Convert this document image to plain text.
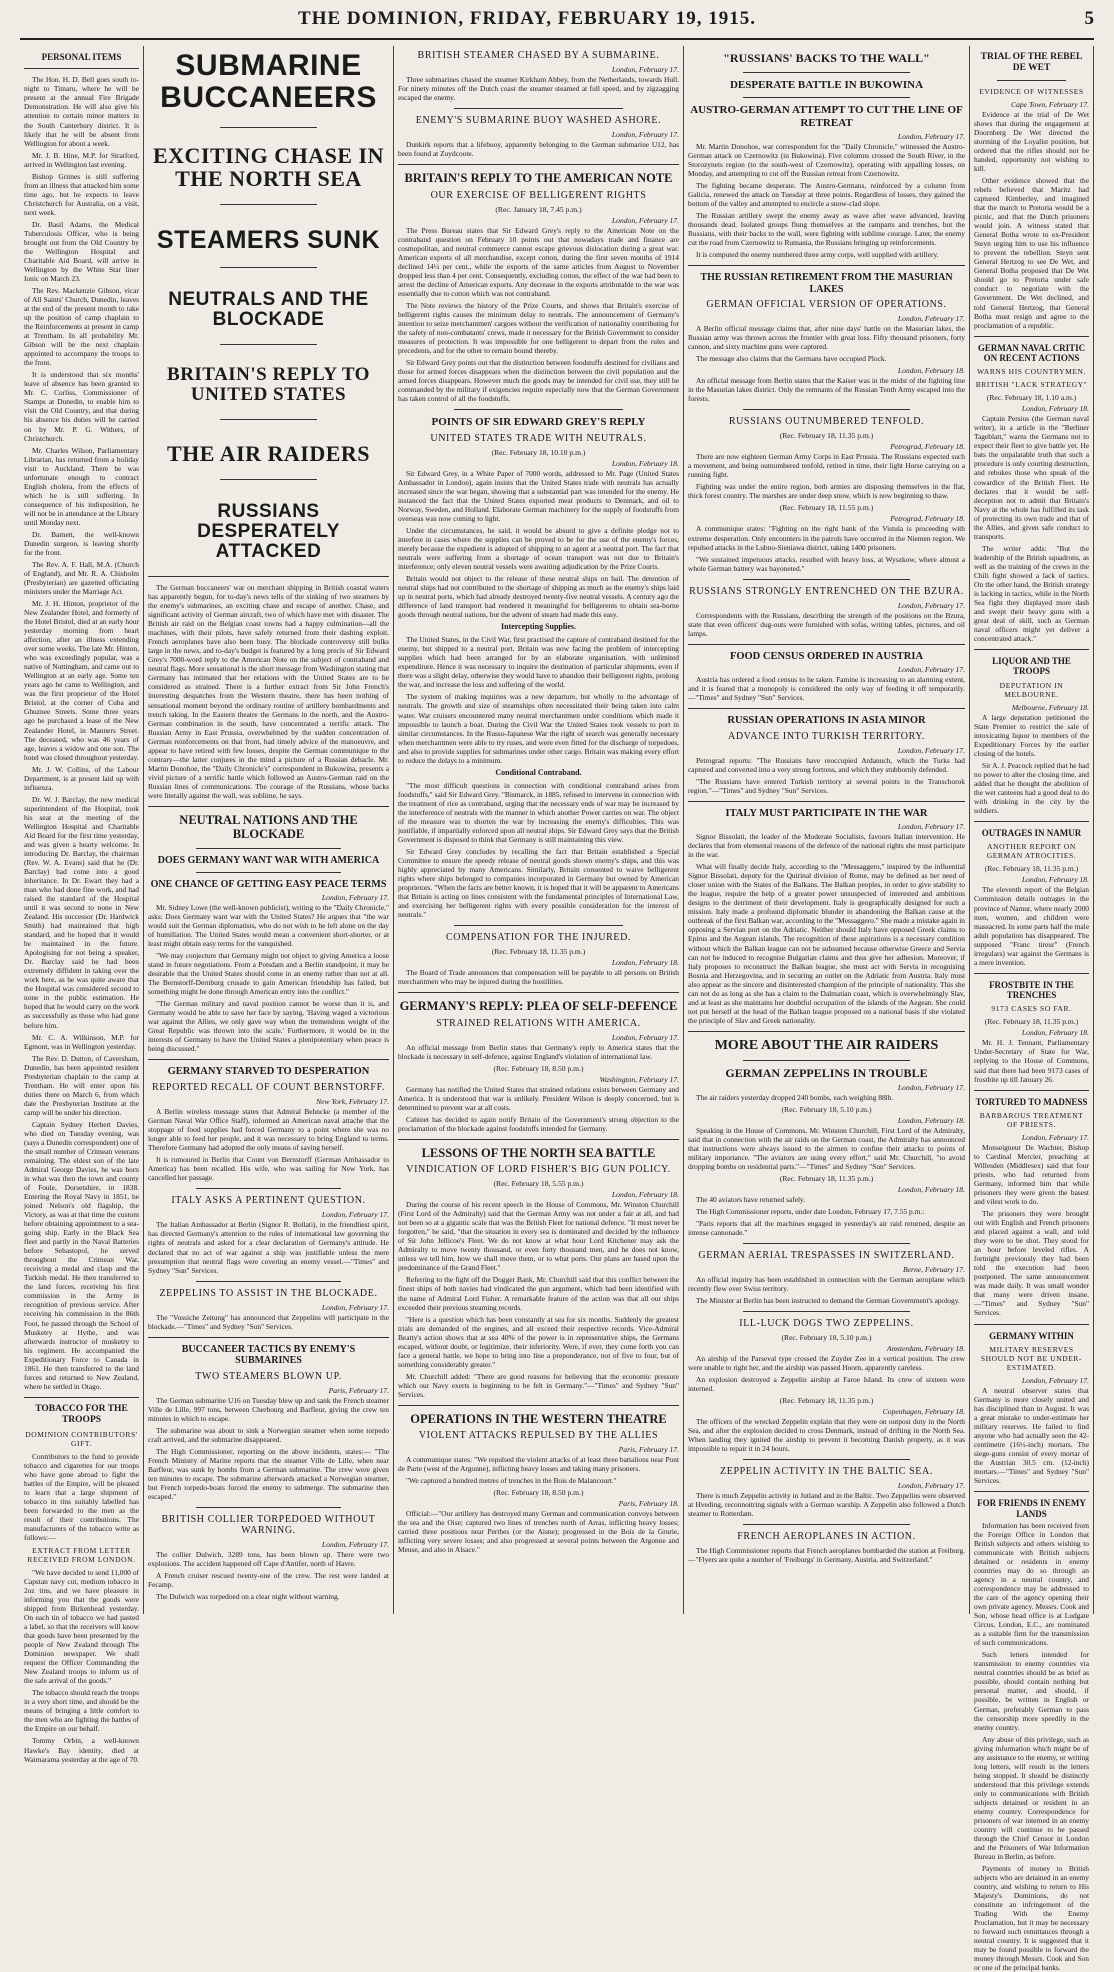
THE DOMINION, FRIDAY, FEBRUARY 19, 1915.	5
PERSONAL ITEMS

The Hon. H. D. Bell goes south to-night to Timaru, where he will be present at the annual Fire Brigade Demonstration. He will also give his attention to certain minor matters in the South Canterbury district. It is likely that he will be absent from Wellington for about a week.

Mr. J. B. Hine, M.P. for Stratford, arrived in Wellington last evening.

Bishop Grimes is still suffering from an illness that attacked him some time ago, but he expects to leave Christchurch for Australia, on a visit, next week.

Dr. Basil Adams, the Medical Tuberculosis Officer, who is being brought out from the Old Country by the Wellington Hospital and Charitable Aid Board, will arrive in Wellington by the White Star liner Ionic on March 23.

The Rev. Mackenzie Gibson, vicar of All Saints' Church, Dunedin, leaves at the end of the present month to take up the position of camp chaplain to the Reinforcements at present in camp at Trentham. In all probability Mr. Gibson will be the next chaplain appointed to accompany the troops to the front.

It is understood that six months' leave of absence has been granted to Mr. C. Corliss, Commissioner of Stamps at Dunedin, to enable him to visit the Old Country, and that during his absence his duties will be carried on by Mr. P. G. Withers, of Christchurch.

Mr. Charles Wilson, Parliamentary Librarian, has returned from a holiday visit to Auckland. There he was unfortunate enough to contract English cholera, from the effects of which he is still suffering. In consequence of his indisposition, he will not be in attendance at the Library until Monday next.

Dr. Barnett, the well-known Dunedin surgeon, is leaving shortly for the front.

The Rev. A. F. Hall, M.A. (Church of England), and Mr. R. A. Chisholm (Presbyterian) are gazetted officiating ministers under the Marriage Act.

Mr. J. H. Hinton, proprietor of the New Zealander Hotel, and formerly of the Hotel Bristol, died at an early hour yesterday morning from heart affection, after an illness extending over some weeks. The late Mr. Hinton, who was exceedingly popular, was a native of Nottingham, and came out to Wellington at an early age. Some ten years ago he came to Wellington, and was the first proprietor of the Hotel Bristol, at the corner of Cuba and Ghuznee Streets. Some three years ago he purchased a lease of the New Zealander Hotel, in Manners Street. The deceased, who was 46 years of age, leaves a widow and one son. The hotel was closed throughout yesterday.

Mr. J. W. Collins, of the Labour Department, is at present laid up with influenza.

Dr. W. J. Barclay, the new medical superintendent of the Hospital, took his seat at the meeting of the Wellington Hospital and Charitable Aid Board for the first time yesterday, and was given a hearty welcome. In introducing Dr. Barclay, the chairman (Rev. W. A. Evans) said that he (Dr. Barclay) had come into a good inheritance. In Dr. Ewart they had a man who had done fine work, and had raised the standard of the Hospital until it was second to none in New Zealand. His successor (Dr. Hardwick Smith) had maintained that high standard, and he hoped that it would be maintained in the future. Apologising for not being a speaker, Dr. Barclay said he had been extremely diffident in taking over the work here, as he was quite aware that the Hospital was considered second to none in the public estimation. He hoped that he would carry on the work as successfully as those who had gone before him.

Mr. C. A. Wilkinson, M.P. for Egmont, was in Wellington yesterday.

The Rev. D. Dutton, of Caversham, Dunedin, has been appointed resident Presbyterian chaplain to the camp at Trentham. He will enter upon his duties there on March 6, from which date the Presbyterian Institute at the camp will be under his direction.

Captain Sydney Herbert Davies, who died on Tuesday evening, was (says a Dunedin correspondent) one of the small number of Crimean veterans remaining. The eldest son of the late Admiral George Davies, he was born in what was then the town and county of Foule, Dorsetshire, in 1838. Entering the Royal Navy in 1851, he joined Nelson's old flagship, the Victory, as was at that time the custom before obtaining appointment to a sea-going ship. Early in the Black Sea fleet and partly in the Naval Batteries before Sebastopol, he served throughout the Crimean War, receiving a medal and clasp and the Turkish medal. He then transferred to the land forces, receiving his first commission in the Army in recognition of previous service. After receiving his commission in the 86th Foot, he passed through the School of Musketry at Hythe, and was afterwards instructor of musketry to his regiment. He accompanied the Expeditionary Force to Canada in 1861. He then transferred to the land forces and returned to New Zealand, where he settled in Otago.

TOBACCO FOR THE TROOPS
DOMINION CONTRIBUTORS' GIFT.

Contributors to the fund to provide tobacco and cigarettes for our troops who have gone abroad to fight the battles of the Empire, will be pleased to learn that a large shipment of tobacco in tins suitably labelled has been forwarded to the men as the result of their contributions. The manufacturers of the tobacco write as follows:—

EXTRACT FROM LETTER RECEIVED FROM LONDON.

"We have decided to send 11,000 of Capstan navy cut, medium tobacco in 2oz tins, and we have pleasure in informing you that the goods were shipped from Birkenhead yesterday. On each tin of tobacco we had pasted a label, so that the receivers will know that goods have been presented by the people of New Zealand through The Dominion newspaper. We shall request the Officer Commanding the New Zealand troops to inform us of the safe arrival of the goods."

The tobacco should reach the troops in a very short time, and should be the means of bringing a little comfort to the men who are fighting the battles of the Empire on our behalf.

Tommy Orbin, a well-known Hawke's Bay identity, died at Waimarama yesterday at the age of 70.

SUBMARINE BUCCANEERS
EXCITING CHASE IN THE NORTH SEA
STEAMERS SUNK
NEUTRALS AND THE BLOCKADE
BRITAIN'S REPLY TO UNITED STATES
THE AIR RAIDERS
RUSSIANS DESPERATELY ATTACKED

The German buccaneers' war on merchant shipping in British coastal waters has apparently begun, for to-day's news tells of the sinking of two steamers by the enemy's submarines, an exciting chase and escape of another. Chase, and significant activity of German aircraft, two of which have met with disaster. The British air raid on the Belgian coast towns had a happy culmination—all the machines, with their pilots, have safely returned from their dashing exploit. French aeroplanes have also been busy. The blockade controversy still bulks large in the news, and to-day's budget is featured by a long precis of Sir Edward Grey's 7000-word reply to the American Note on the subject of contraband and neutral flags. More sensational is the short message from Washington stating that Germany has intimated that her relations with the United States are to be considered as strained. There is a further extract from Sir John French's interesting despatches from the Western theatre, there has been nothing of sensational moment beyond the ordinary routine of artillery bombardments and trench taking. In the Eastern theatre the Germans in the north, and the Austro-German combination in the south, have concentrated a terrific attack. The Russian Army in East Prussia, overwhelmed by the sudden concentration of German reinforcements on that front, had timely advice of the manoeuvre, and appear to have retired with few losses, despite the German communique to the contrary—the latter conjures in the mind a picture of a Russian debacle. Mr. Martin Donohoe, the "Daily Chronicle's" correspondent in Bukowina, presents a vivid picture of a terrific battle which followed an Austro-German raid on the Russian lines of communications. The courage of the Russians, whose backs were literally against the wall, was sublime, he says.

NEUTRAL NATIONS AND THE BLOCKADE
DOES GERMANY WANT WAR WITH AMERICA
ONE CHANCE OF GETTING EASY PEACE TERMS
London, February 17.

Mr. Sidney Lowe (the well-known publicist), writing to the "Daily Chronicle," asks: Does Germany want war with the United States? He argues that "the war would suit the German diplomatists, who do not wish to be left alone on the day of humiliation. The United States would mean a convenient short-shorter, or at least might obtain easy terms for the vanquished.

"We may conjecture that Germany might not object to giving America a loose stand in future negotiations. From a Potsdam and a Berlin standpoint, it may be desirable that the United States should come in an enemy rather than not at all. The Bernstorff-Dernburg crusade to gain American friendship has failed, but something might be done through American entry into the conflict."

"The German military and naval position cannot be worse than it is, and Germany would be able to save her face by saying, 'Having waged a victorious war against the Allies, we only gave way when the tremendous weight of the Great Republic was thrown into the scale.' Furthermore, it would be in the interests of Germany to have the United States a plenipotentiary when peace is being discussed."

GERMANY STARVED TO DESPERATION
REPORTED RECALL OF COUNT BERNSTORFF.
New York, February 17.

A Berlin wireless message states that Admiral Behncke (a member of the German Naval War Office Staff), informed an American naval attache that the stoppage of food supplies had forced Germany to a point where she was no longer able to feed her people, and it was necessary to bring England to terms. Therefore Germany had adopted the only means of saving herself.

It is rumoured in Berlin that Count von Bernstorff (German Ambassador to America) has been recalled. His wife, who was sailing for New York, has cancelled her passage.

ITALY ASKS A PERTINENT QUESTION.
London, February 17.

The Italian Ambassador at Berlin (Signor R. Bollati), in the friendliest spirit, has directed Germany's attention to the rules of international law governing the rights of neutrals and asked for a clear declaration of Germany's attitude. He declared that no act of war against a ship was justifiable unless the mere presumption that neutral flags were covering an enemy vessel.—"Times" and Sydney "Sun" Services.

ZEPPELINS TO ASSIST IN THE BLOCKADE.
London, February 17.

The "Vossiche Zeitung" has announced that Zeppelins will participate in the blockade.—"Times" and Sydney "Sun" Services.

BUCCANEER TACTICS BY ENEMY'S SUBMARINES
TWO STEAMERS BLOWN UP.
Paris, February 17.

The German submarine U16 on Tuesday blew up and sank the French steamer Ville de Lille, 997 tons, between Cherbourg and Barfleur, giving the crew ten minutes in which to escape.

The submarine was about to sink a Norwegian steamer when some torpedo craft arrived, and the submarine disappeared.

The High Commissioner, reporting on the above incidents, states:— "The French Ministry of Marine reports that the steamer Ville de Lille, when near Barfleur, was sunk by bombs from a German submarine. The crew were given ten minutes to escape. The submarine afterwards attacked a Norwegian steamer, but French torpedo-boats forced the enemy to submerge. The submarine then escaped."

BRITISH COLLIER TORPEDOED WITHOUT WARNING.
London, February 17.

The collier Dulwich, 3289 tons, has been blown up. There were two explosions. The accident happened off Cape d'Antifer, north of Havre.

A French cruiser rescued twenty-one of the crew. The rest were landed at Fecamp.

The Dulwich was torpedoed on a clear night without warning.

BRITISH STEAMER CHASED BY A SUBMARINE.
London, February 17.

Three submarines chased the steamer Kirkham Abbey, from the Netherlands, towards Hull. For ninety minutes off the Dutch coast the steamer steamed at full speed, and by zigzagging escaped the enemy.

ENEMY'S SUBMARINE BUOY WASHED ASHORE.
London, February 17.

Dunkirk reports that a lifebuoy, apparently belonging to the German submarine U12, has been found at Zuydcoote.

BRITAIN'S REPLY TO THE AMERICAN NOTE
OUR EXERCISE OF BELLIGERENT RIGHTS
(Rec. January 18, 7.45 p.m.)
London, February 17.

The Press Bureau states that Sir Edward Grey's reply to the American Note on the contraband question on February 10 points out that nowadays trade and finance are cosmopolitan, and neutral commerce cannot escape grievous dislocation during a great war. American exports of all merchandise, except cotton, during the first seven months of 1914 declined 14½ per cent., while the exports of the same articles from August to November dropped less than 4 per cent. Consequently, excluding cotton, the effect of the war had been to arrest the decline of American exports. Any decrease in the exports attributable to the war was essentially due to cotton which was not contraband.

The Note reviews the history of the Prize Courts, and shows that Britain's exercise of belligerent rights causes the minimum delay to neutrals. The announcement of Germany's intention to seize merchantmen' cargoes without the verification of nationality contributing for the safety of non-combatants' crews, made it necessary for the British Government to consider measures of protection. It was impossible for one belligerent to depart from the rules and precedents, and for the other to remain bound thereby.

Sir Edward Grey points out that the distinction between foodstuffs destined for civilians and those for armed forces disappears when the distinction between the civil population and the armed forces disappears. However much the goods may be intended for civil use, they still be commanded by the military if exigencies require especially now that the German Government has taken control of all the foodstuffs.

POINTS OF SIR EDWARD GREY'S REPLY
UNITED STATES TRADE WITH NEUTRALS.
(Rec. February 18, 10.10 p.m.)
London, February 18.

Sir Edward Grey, in a White Paper of 7000 words, addressed to Mr. Page (United States Ambassador in London), again insists that the United States trade with neutrals has actually increased since the war began, showing that a substantial part was intended for the enemy. He instanced the fact that the United States exported meat products to Denmark, and oil to Norway, Sweden, and Holland. Elaborate German machinery for the supply of foodstuffs from overseas was now coming to light.

Under the circumstances, he said, it would be absurd to give a definite pledge not to interfere in cases where the supplies can be proved to be for the use of the enemy's forces, merely because the expedient is adopted of shipping to an agent at a neutral port. The fact that neutrals were suffering from a shortage of ocean transport was not due to Britain's interference; only eleven neutral vessels were awaiting adjudication by the Prize Courts.

Britain would not object to the release of these neutral ships on bail. The detention of neutral ships had not contributed to the shortage of shipping as much as the enemy's ships laid up in neutral ports, which had already destroyed twenty-five neutral vessels. A century ago the difference of land transport had rendered it meaningful for belligerents to obtain sea-borne goods through neutral nations, but the advent of steam had made this easy.

Intercepting Supplies.

The United States, in the Civil War, first practised the capture of contraband destined for the enemy, but shipped to a neutral port. Britain was now facing the problem of intercepting supplies which had been arranged for by an elaborate organisation, with unlimited expenditure. Hence it was necessary to inquire the destination of particular shipments, even if there was a slight delay, otherwise they would have to abandon their belligerent rights, prolong the war, and increase the loss and suffering of the world.

The system of making inquiries was a new departure, but wholly to the advantage of neutrals. The growth and size of steamships often necessitated their being taken into calm water. War cruisers encountered many neutral merchantmen under conditions which made it impossible to launch a boat. During the Civil War the United States took vessels to port in similar circumstances. In the Russo-Japanese War the right of search was generally necessary when merchantmen were able to try ruses, and were even fitted for the discharge of torpedoes, and also to provide supplies for submarines under other cargo. Britain was making every effort to reduce the delays to a minimum.

Conditional Contraband.

"The most difficult questions in connection with conditional contraband arises from foodstuffs," said Sir Edward Grey. "Bismarck, in 1885, refused to intervene in connection with the treatment of rice as contraband, urging that the necessary ends of war may be increased by the interference of neutrals with the manner in which another Power carries on war. The object of the measure was to shorten the war by increasing the enemy's difficulties. This was justifiable, if impartially enforced upon all neutral ships. Sir Edward Grey says that the British Government is disposed to think that Germany is still maintaining this view.

Sir Edward Grey concludes by recalling the fact that Britain established a Special Committee to ensure the speedy release of neutral goods shown enemy's ships, and this was highly appreciated by many Americans. Similarly, Britain consented to waive belligerent rights where ships belonged to companies incorporated in Germany but owned by American proprietors. "When the facts are better known, it is hoped that it will be apparent to Americans that Britain is acting on lines consistent with the fundamental principles of International Law, and exercising her belligerent rights with every possible consideration for the interest of neutrals."

COMPENSATION FOR THE INJURED.
(Rec. February 18, 11.35 p.m.)
London, February 18.

The Board of Trade announces that compensation will be payable to all persons on British merchantmen who may be injured during the hostilities.

GERMANY'S REPLY: PLEA OF SELF-DEFENCE
STRAINED RELATIONS WITH AMERICA.
London, February 17.

An official message from Berlin states that Germany's reply to America states that the blockade is necessary in self-defence, against England's violation of international law.

(Rec. February 18, 8.50 p.m.)
Washington, February 17.

Germany has notified the United States that strained relations exists between Germany and America. It is understood that war is unlikely. President Wilson is deeply concerned, but is determined to prevent war at all costs.

Cabinet has decided to again notify Britain of the Government's strong objection to the proclamation of the blockade against foodstuffs intended for Germany.

LESSONS OF THE NORTH SEA BATTLE
VINDICATION OF LORD FISHER'S BIG GUN POLICY.
(Rec. February 18, 5.55 p.m.)
London, February 18.

During the course of his recent speech in the House of Commons, Mr. Winston Churchill (First Lord of the Admiralty) said that the German Army was not under a fair at all, and had not been so at a gigantic scale that was the British Fleet for national defence. "It must never be forgotten," he said, "that the situation in every sea is dominated and decided by the influence of Sir John Jellicoe's Fleet. We do not know at what hour Lord Kitchener may ask the Admiralty to move twenty thousand, or even forty thousand men, and he does not know, unless we tell him, how we shall move them, or to what ports. Our plans are based upon the predominance of the Grand Fleet."

Referring to the fight off the Dogger Bank, Mr. Churchill said that this conflict between the finest ships of both navies had vindicated the gun argument, which had been identified with the name of Admiral Lord Fisher. A remarkable feature of the action was that all our ships exceeded their previous steaming records.

"Here is a question which has been constantly at sea for six months. Suddenly the greatest trials are demanded of the engines, and all exceed their respective records. Vice-Admiral Beatty's action shows that at sea 40% of the power is in representative ships, the Germans escaped, without doubt, or legitimize, their inferiority. Were, if ever, they come forth you can face a general battle, we hope to bring into line a preponderance, not of five to four, but of something considerably greater."

Mr. Churchill added: "There are good reasons for believing that the economic pressure which our Navy exerts is beginning to be felt in Germany."—"Times" and Sydney "Sun" Services.

OPERATIONS IN THE WESTERN THEATRE
VIOLENT ATTACKS REPULSED BY THE ALLIES
Paris, February 17.

A communique states: "We repulsed the violent attacks of at least three battalions near Pont de Parte (west of the Argonne), inflicting heavy losses and taking many prisoners.

"We captured a hundred metres of trenches in the Bois de Malancourt."

(Rec. February 18, 8.50 p.m.)
Paris, February 18.

Official:—"Our artillery has destroyed many German and communication convoys between the sea and the Oise; captured two lines of trenches north of Arras, inflicting heavy losses; carried three positions near Perthes (or the Aisne); progressed in the Bois de la Grurie, inflicting very severe losses; and also progressed at several points between the Argonne and Meuse, and also in Alsace."

"RUSSIANS' BACKS TO THE WALL"
DESPERATE BATTLE IN BUKOWINA
AUSTRO-GERMAN ATTEMPT TO CUT THE LINE OF RETREAT
London, February 17.

Mr. Martin Donohoe, war correspondent for the "Daily Chronicle," witnessed the Austro-German attack on Czernowitz (in Bukowina). Five columns crossed the South River, in the Storozynets region (to the south-west of Czernowitz), operating with appalling losses, on Monday, and attempting to cut off the Russian retreat from Czernowitz.

The fighting became desperate. The Austro-Germans, reinforced by a column from Galicia, renewed the attack on Tuesday at three points. Regardless of losses, they gained the bottom of the valley and attempted to encircle a snow-clad slope.

The Russian artillery swept the enemy away as wave after wave advanced, leaving thousands dead. Isolated groups flung themselves at the ramparts and trenches, but the Russians, with their backs to the wall, were fighting with sublime courage. Later, the enemy cut the road from Czernowitz to Rumania, the Russians bringing up reinforcements.

It is computed the enemy numbered three army corps, well supplied with artillery.

THE RUSSIAN RETIREMENT FROM THE MASURIAN LAKES
GERMAN OFFICIAL VERSION OF OPERATIONS.
London, February 17.

A Berlin official message claims that, after nine days' battle on the Masurian lakes, the Russian army was thrown across the frontier with great loss. Fifty thousand prisoners, forty cannon, and sixty machine guns were captured.

The message also claims that the Germans have occupied Plock.

London, February 18.

An official message from Berlin states that the Kaiser was in the midst of the fighting line in the Masurian lakes district. Only the remnants of the Russian Tenth Army escaped into the forests.

RUSSIANS OUTNUMBERED TENFOLD.
(Rec. February 18, 11.35 p.m.)
Petrograd, February 18.

There are now eighteen German Army Corps in East Prussia. The Russians expected such a movement, and being outnumbered tenfold, retired in time, their light Horse carrying on a running fight.

Fighting was under the entire region, both armies are disposing themselves in the flat, thick forest country. The marshes are under deep snow, which is now beginning to thaw.

(Rec. February 18, 11.55 p.m.)
Petrograd, February 18.

A communique states: "Fighting on the right bank of the Vistula is proceeding with extreme desperation. Only encounters in the patrols have occurred in the Niemen region. We repulsed attacks in the Lubno-Sieniawa district, taking 1400 prisoners.

"We sustained impetuous attacks, resulted with heavy loss, at Wyszkow, where almost a whole German battery was bayoneted."

RUSSIANS STRONGLY ENTRENCHED ON THE BZURA.
London, February 17.

Correspondents with the Russians, describing the strength of the positions on the Bzura, state that even officers' dug-outs were furnished with sofas, writing tables, pictures, and oil lamps.

FOOD CENSUS ORDERED IN AUSTRIA
London, February 17.

Austria has ordered a food census to be taken. Famine is increasing to an alarming extent, and it is feared that a monopoly is considered the only way of feeding it off temporarily.—"Times" and Sydney "Sun" Services.

RUSSIAN OPERATIONS IN ASIA MINOR
ADVANCE INTO TURKISH TERRITORY.
London, February 17.

Petrograd reports: "The Russians have reoccupied Ardanuch, which the Turks had captured and converted into a very strong fortress, and which they stubbornly defended.

"The Russians have entered Turkish territory at several points in the Transchorok region."—"Times" and Sydney "Sun" Services.

ITALY MUST PARTICIPATE IN THE WAR
London, February 17.

Signor Bissolati, the leader of the Moderate Socialists, favours Italian intervention. He declares that from elemental reasons of the defence of the national rights she must participate in the war.

What will finally decide Italy, according to the "Messaggero," inspired by the influential Signor Bissolati, deputy for the Quirinal division of Rome, may be defined as her need of closer union with the States of the Balkans. The Balkan peoples, in order to give stability to the league, require the help of a greater power unsuspected of interested and ambitious designs to the detriment of their development. Italy is geographically designed for such a mission. Italy made a profound diplomatic blunder in abandoning the Balkan cause at the outbreak of the first Balkan war, according to the "Messaggero." She made a mistake again in opposing a Servian port on the Adriatic. Neither should Italy have opposed Greek claims to Epirus and the Aegean islands. The recognition of these aspirations is a necessary condition without which the Balkan league can not be subsumed because otherwise Greece and Servia can not be induced to recognise Bulgarian claims and thus give her adhesion. Moreover, if Italy proposes to reconstruct the Balkan league, she must act with Servia in recognising Bosnia and Herzegovina, and in securing an outlet on the Adriatic from Austria. Italy must also appear as the sincere and disinterested champion of the principle of nationality. This she can not do as long as she has a claim to the Dalmatian coast, which is overwhelmingly Slav, and at least as she maintains her doubtful occupation of the islands of the Aegean. She could not put herself at the head of the Balkan league proposed on a national basis if she violated the principle of Slav and Greek nationality.

MORE ABOUT THE AIR RAIDERS
GERMAN ZEPPELINS IN TROUBLE
London, February 17.

The air raiders yesterday dropped 240 bombs, each weighing 88lb.

(Rec. February 18, 5.10 p.m.)
London, February 18.

Speaking in the House of Commons, Mr. Winston Churchill, First Lord of the Admiralty, said that in connection with the air raids on the German coast, the Admiralty has announced that instructions were always issued to the airmen to confine their attacks to points of military importance. "The aviators are using every effort," said Mr. Churchill, "to avoid dropping bombs on residential parts."—"Times" and Sydney "Sun" Services.

(Rec. February 18, 11.35 p.m.)
London, February 18.

The 40 aviators have returned safely.

The High Commissioner reports, under date London, February 17, 7.55 p.m.:

"Paris reports that all the machines engaged in yesterday's air raid returned, despite an intense cannonade."

GERMAN AERIAL TRESPASSES IN SWITZERLAND.
Berne, February 17.

An official inquiry has been established in connection with the German aeroplane which recently flew over Swiss territory.

The Minister at Berlin has been instructed to demand the German Government's apology.

ILL-LUCK DOGS TWO ZEPPELINS.
(Rec. February 18, 5.10 p.m.)
Amsterdam, February 18.

An airship of the Parseval type crossed the Zuyder Zee in a vertical position. The crew were unable to right her, and the airship was passed Hoorn, apparently careless.

An explosion destroyed a Zeppelin airship at Faroe Island. Its crew of sixteen were interned.

(Rec. February 18, 11.35 p.m.)
Copenhagen, February 18.

The officers of the wrecked Zeppelin explain that they were on outpost duty in the North Sea, and after the explosion decided to cross Denmark, instead of drifting in the North Sea. When landing they ignited the airship to prevent it becoming Danish property, as it was impossible to repair it in 24 hours.

ZEPPELIN ACTIVITY IN THE BALTIC SEA.
London, February 17.

There is much Zeppelin activity in Jutland and in the Baltic. Two Zeppelins were observed at Hveding, reconnoitring signals with a German warship. A Zeppelin also followed a Dutch steamer to Rotterdam.

FRENCH AEROPLANES IN ACTION.

The High Commissioner reports that French aeroplanes bombarded the station at Freiburg.—"Flyers are quite a number of 'Freiburgs' in Germany, Austria, and Switzerland."

TRIAL OF THE REBEL DE WET
EVIDENCE OF WITNESSES
Cape Town, February 17.

Evidence at the trial of De Wet shows that during the engagement at Doornberg De Wet directed the storming of the Loyalist position, but ordered that the rifles should not be handed, opportunity not wishing to kill.

Other evidence showed that the rebels believed that Maritz had captured Kimberley, and imagined that the march to Pretoria would be a picnic, and that the Dutch prisoners would join. A witness stated that General Botha wrote to ex-President Steyn urging him to use his influence to prevent the rebellion. Steyn sent General Hertzog to see De Wet, and General Botha proposed that De Wet should go to Pretoria under safe conduct to negotiate with the Government. De Wet declined, and told General Hertzog, that General Botha must resign and agree to the proclamation of a republic.

GERMAN NAVAL CRITIC ON RECENT ACTIONS
WARNS HIS COUNTRYMEN.
BRITISH "LACK STRATEGY"
(Rec. February 18, 1.10 a.m.)
London, February 18.

Captain Persius (the German naval writer), in a article in the "Berliner Tageblatt," warns the Germans not to expect their fleet to give battle yet. He bats the unpalatable truth that such a procedure is only courting destruction, and rebukes those who speak of the cowardice of the British Fleet. He declares that it would be self-deception not to admit that Britain's Navy at the whole has fulfilled its task of protecting its own trade and that of the Allies, and given safe conduct to transports.

The writer adds: "But the leadership of the British squadrons, as well as the training of the crews in the Chili fight showed a lack of tactics. On the other hand, the British strategy is lacking in tactics, while in the North Sea fight they displayed more dash and swept their heavy guns with a great deal of skill, such as German naval officers might yet deliver a concentrated attack."

LIQUOR AND THE TROOPS
DEPUTATION IN MELBOURNE.
Melbourne, February 18.

A large deputation petitioned the State Premier to restrict the sale of intoxicating liquor to members of the Expeditionary Forces by the earlier closing of the hotels.

Sir A. J. Peacock replied that he had no power to alter the closing time, and added that he thought the abolition of the wet canteens had a good deal to do with drinking in the city by the soldiers.

OUTRAGES IN NAMUR
ANOTHER REPORT ON GERMAN ATROCITIES.
(Rec. February 18, 11.35 p.m.)
London, February 18.

The eleventh report of the Belgian Commission details outrages in the province of Namur, where nearly 2000 men, women, and children were massacred. In some parts half the male adult population has disappeared. The supposed "Franc tireur" (French irregulars) war against the Germans is a mere invention.

FROSTBITE IN THE TRENCHES
9173 CASES SO FAR.
(Rec. February 18, 11.35 p.m.)
London, February 18.

Mr. H. J. Tennant, Parliamentary Under-Secretary of State for War, replying to the House of Commons, said that there had been 9173 cases of frostbite up till January 26.

TORTURED TO MADNESS
BARBAROUS TREATMENT OF PRIESTS.
London, February 17.

Monseigneur De Wachter, Bishop to Cardinal Mercier, preaching at Willesden (Middlesex) said that four priests, who had returned from Germany, informed him that while prisoners they were given the basest and vilest work to do.

The prisoners they were brought out with English and French prisoners and placed against a wall, and told they were to be shot. They stood for an hour before leveled rifles. A fortnight previously they had been told the execution had been postponed. The same announcement was made daily. It was small wonder that many were driven insane.—"Times" and Sydney "Sun" Services.

GERMANY WITHIN
MILITARY RESERVES SHOULD NOT BE UNDER-ESTIMATED.
London, February 17.

A neutral observer states that Germany is more closely united and has disciplined than in August. It was a great mistake to under-estimate her military reserves. He failed to find anyone who had actually seen the 42-centimetre (16½-inch) mortars. The siege-guns consist of every mortar of the Austrian 30.5 cm. (12-inch) mortars.—"Times" and Sydney "Sun" Services.

FOR FRIENDS IN ENEMY LANDS

Information has been received from the Foreign Office in London that British subjects and others wishing to communicate with British subjects detained or residents in enemy countries may do so through an agency in a neutral country, and correspondence may be addressed to the care of the agency opening their own private agency. Messrs. Cook and Son, whose head office is at Ludgate Circus, London, E.C., are nominated as a suitable firm for the transmission of such communications.

Such letters intended for transmission to enemy countries via neutral countries should be as brief as possible, should contain nothing but personal matter, and should, if possible, be written in English or German, preferably German to pass the censorship more speedily in the enemy country.

Any abuse of this privilege, such as giving information which might be of any assistance to the enemy, or writing long letters, will result in the letters being stopped. It should be distinctly understood that this privilege extends only to communications with British subjects detained or resident in an enemy country. Correspondence for prisoners of war interned in an enemy country will continue to be passed through the Chief Censor in London and the Prisoners of War Information Bureau in Berlin, as before.

Payments of money to British subjects who are detained in an enemy country, and wishing to return to His Majesty's Dominions, do not constitute an infringement of the Trading With the Enemy Proclamation, but it may be necessary to forward such remittances through a neutral country. It is suggested that it may be found possible to forward the money through Messrs. Cook and Son or one of the principal banks.
